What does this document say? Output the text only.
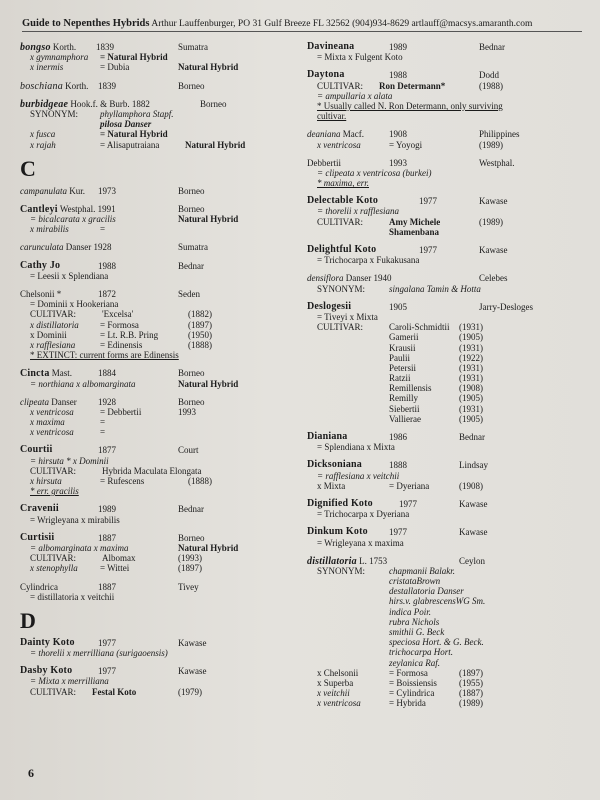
Guide to Nepenthes Hybrids Arthur Lauffenburger, PO 31 Gulf Breeze FL 32562 (904)934-8629 artlauff@macsys.amaranth.com
bongso Korth. 1839	Sumatra
x gymnamphora = Natural Hybrid
x inermis	= Dubia	Natural Hybrid
boschiana Korth. 1839	Borneo
burbidgeae Hook.f. & Burb. 1882	Borneo
SYNONYM: phyllamphora Stapf.
pilosa Danser
x fusca	= Natural Hybrid
x rajah	= Alisaputraiana	Natural Hybrid
C
campanulata Kur. 1973	Borneo
Cantleyi Westphal. 1991	Borneo
= bicalcarata x gracilis	Natural Hybrid
x mirabilis	=
carunculata Danser 1928	Sumatra
Cathy Jo	1988	Bednar
= Leesii x Splendiana
Chelsonii *	1872	Seden
= Dominii x Hookeriana
CULTIVAR:	'Excelsa'	(1882)
x distillatoria = Formosa	(1897)
x Dominii	= Lt. R.B. Pring	(1950)
x rafflesiana	= Edinensis	(1888)
* EXTINCT: current forms are Edinensis
Cincta Mast.	1884	Borneo
= northiana x albomarginata	Natural Hybrid
clipeata Danser 1928	Borneo
x ventricosa	= Debbertii	1993
x maxima	=
x ventricosa	=
Courtii	1877	Court
= hirsuta * x Dominii
CULTIVAR:	Hybrida Maculata Elongata
x hirsuta	= Rufescens	(1888)
* err. gracilis
Cravenii	1989	Bednar
= Wrigleyana x mirabilis
Curtisii	1887	Borneo
= albomarginata x maxima	Natural Hybrid
CULTIVAR:	Albomax	(1993)
x stenophylla = Wittei	(1897)
Cylindrica	1887	Tivey
= distillatoria x veitchii
D
Dainty Koto	1977	Kawase
= thorelii x merrilliana (surigaoensis)
Dasby Koto	1977	Kawase
= Mixta x merrilliana
CULTIVAR: Festal Koto	(1979)
Davineana	1989	Bednar
= Mixta x Fulgent Koto
Daytona	1988	Dodd
CULTIVAR: Ron Determann*	(1988)
= ampullaria x alata
* Usually called N. Ron Determann, only surviving
cultivar.
deaniana Macf.	1908	Philippines
x ventricosa	= Yoyogi	(1989)
Debbertii	1993	Westphal.
= clipeata x ventricosa (burkei)
* maxima, err.
Delectable Koto	1977	Kawase
= thorelii x rafflesiana
CULTIVAR:	Amy Michele	(1989)
Shamenbana
Delightful Koto	1977	Kawase
= Trichocarpa x Fukakusana
densiflora Danser 1940	Celebes
SYNONYM:	singalana Tamin & Hotta
Deslogesii	1905	Jarry-Desloges
= Tiveyi x Mixta
CULTIVAR:	Caroli-Schmidtii (1931)
Gamerii	(1905)
Krausii	(1931)
Paulii	(1922)
Petersii	(1931)
Ratzii	(1931)
Remillensis	(1908)
Remilly	(1905)
Siebertii	(1931)
Vallierae	(1905)
Dianiana	1986	Bednar
= Splendiana x Mixta
Dicksoniana	1888	Lindsay
= rafflesiana x veitchii
x Mixta	= Dyeriana	(1908)
Dignified Koto	1977	Kawase
= Trichocarpa x Dyeriana
Dinkum Koto 1977	Kawase
= Wrigleyana x maxima
distillatoria L. 1753	Ceylon
SYNONYM:	chapmanii Balakr.
cristataBrown
destallatoria Danser
hirs.v. glabrescensWG Sm.
indica Poir.
rubra Nichols
smithii G. Beck
speciosa Hort. & G. Beck.
trichocarpa Hort.
zeylanica Raf.
x Chelsonii	= Formosa	(1897)
x Superba	= Boissiensis (1955)
x veitchii	= Cylindrica	(1887)
x ventricosa	= Hybrida	(1989)
6
